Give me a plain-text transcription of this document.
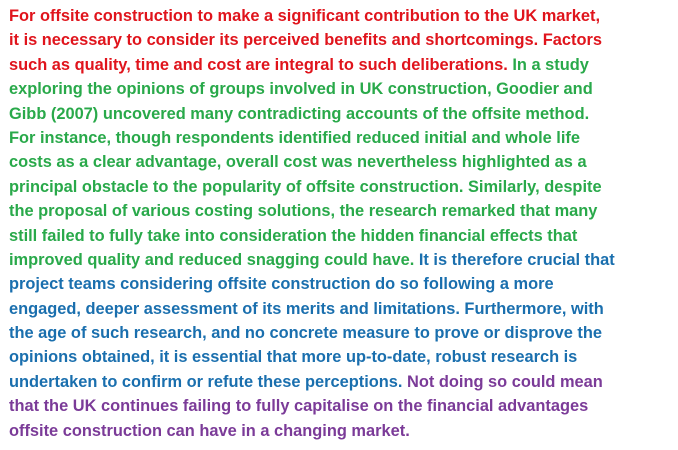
For offsite construction to make a significant contribution to the UK market,
it is necessary to consider its perceived benefits and shortcomings. Factors
such as quality, time and cost are integral to such deliberations. In a study
exploring the opinions of groups involved in UK construction, Goodier and
Gibb (2007) uncovered many contradicting accounts of the offsite method.
For instance, though respondents identified reduced initial and whole life
costs as a clear advantage, overall cost was nevertheless highlighted as a
principal obstacle to the popularity of offsite construction. Similarly, despite
the proposal of various costing solutions, the research remarked that many
still failed to fully take into consideration the hidden financial effects that
improved quality and reduced snagging could have. It is therefore crucial that
project teams considering offsite construction do so following a more
engaged, deeper assessment of its merits and limitations. Furthermore, with
the age of such research, and no concrete measure to prove or disprove the
opinions obtained, it is essential that more up-to-date, robust research is
undertaken to confirm or refute these perceptions. Not doing so could mean
that the UK continues failing to fully capitalise on the financial advantages
offsite construction can have in a changing market.
